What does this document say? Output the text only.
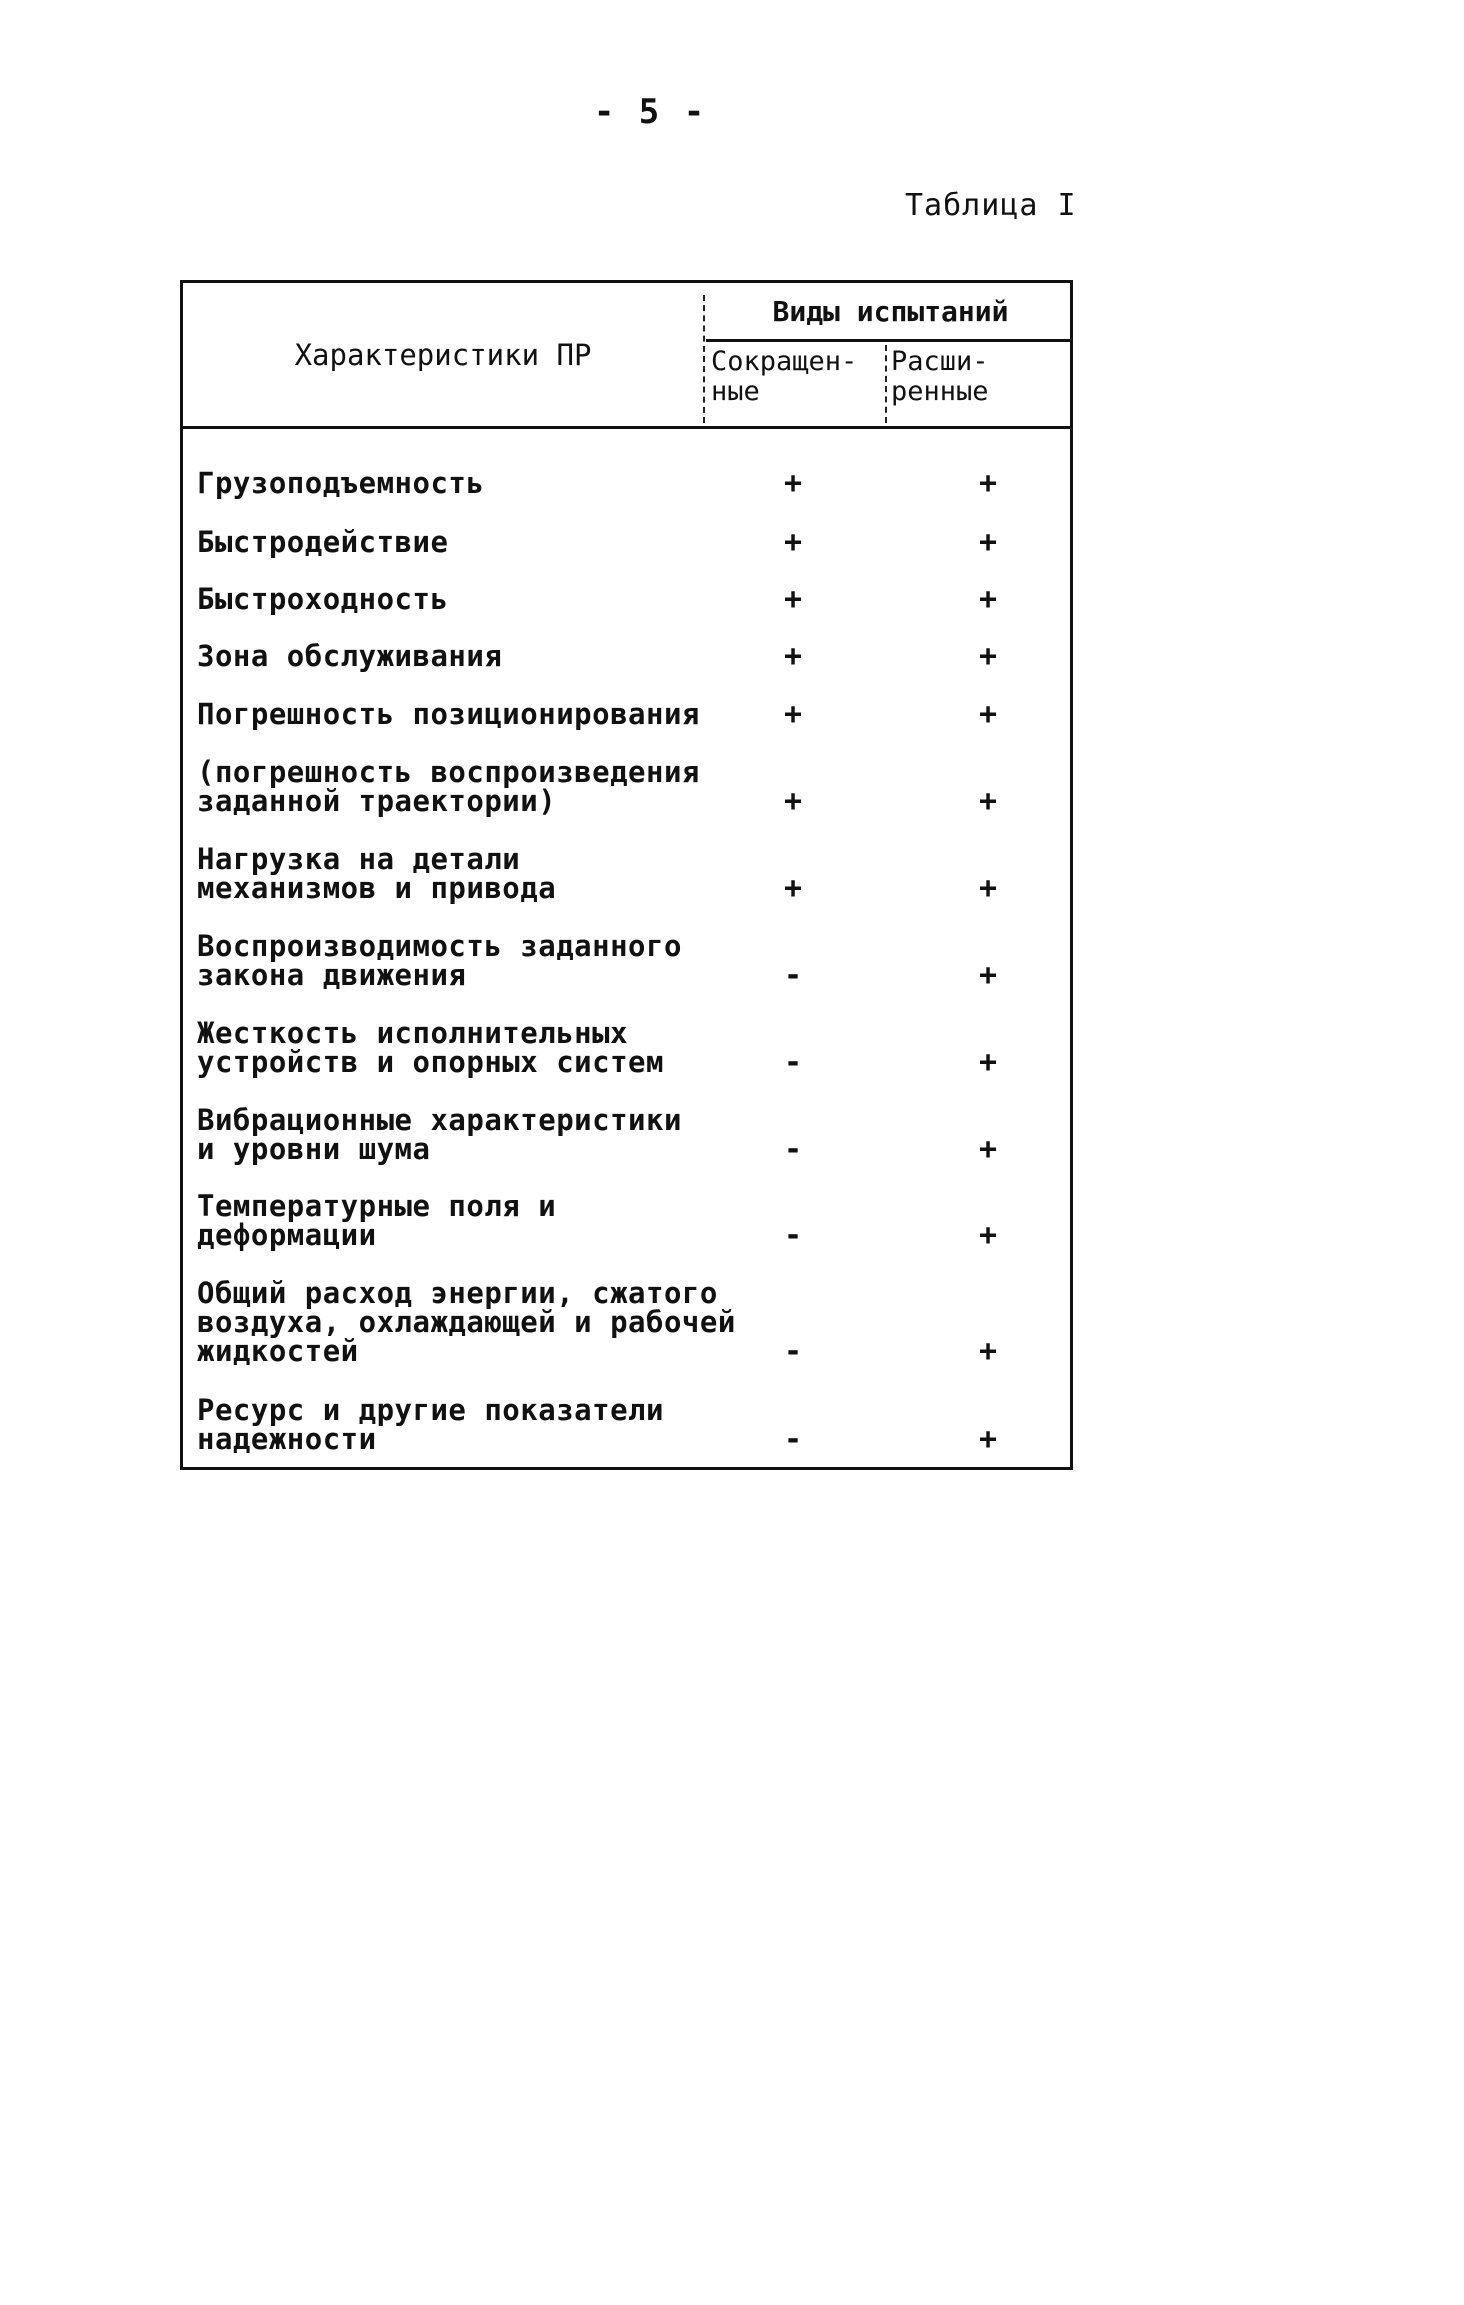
- 5 -
Таблица I
Характеристики ПР
Виды испытаний
Сокращен-
ные
Расши-
ренные
Грузоподъемность	+	+
Быстродействие	+	+
Быстроходность	+	+
Зона обслуживания	+	+
Погрешность позиционирования	+	+
(погрешность воспроизведения
заданной траектории)	+	+
Нагрузка на детали
механизмов и привода	+	+
Воспроизводимость заданного
закона движения	-	+
Жесткость исполнительных
устройств и опорных систем	-	+
Вибрационные характеристики
и уровни шума	-	+
Температурные поля и
деформации	-	+
Общий расход энергии, сжатого
воздуха, охлаждающей и рабочей
жидкостей	-	+
Ресурс и другие показатели
надежности	-	+
